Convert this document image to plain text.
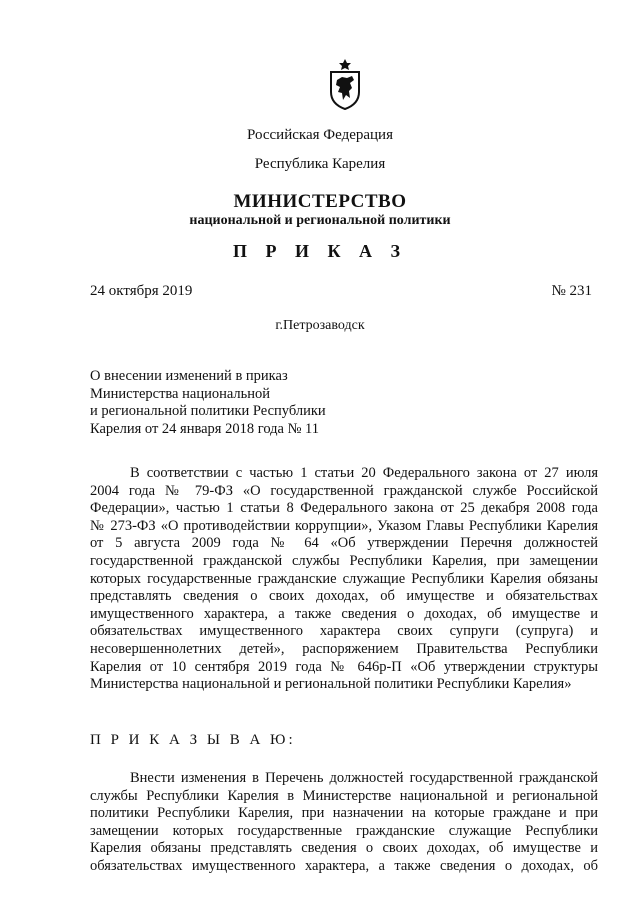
Российская Федерация
Республика Карелия
МИНИСТЕРСТВО
национальной и региональной политики
П Р И К А З
24 октября 2019	№ 231
г.Петрозаводск
О внесении изменений в приказ
Министерства национальной
и региональной политики Республики
Карелия от 24 января 2018 года № 11
В соответствии с частью 1 статьи 20 Федерального закона от 27 июля
2004 года № 79-ФЗ «О государственной гражданской службе Российской
Федерации», частью 1 статьи 8 Федерального закона от 25 декабря 2008 года
№ 273-ФЗ «О противодействии коррупции», Указом Главы Республики Карелия
от 5 августа 2009 года № 64 «Об утверждении Перечня должностей
государственной гражданской службы Республики Карелия, при замещении
которых государственные гражданские служащие Республики Карелия обязаны
представлять сведения о своих доходах, об имуществе и обязательствах
имущественного характера, а также сведения о доходах, об имуществе и
обязательствах имущественного характера своих супруги (супруга) и
несовершеннолетних детей», распоряжением Правительства Республики
Карелия от 10 сентября 2019 года № 646р-П «Об утверждении структуры
Министерства национальной и региональной политики Республики Карелия»
П Р И К А З Ы В А Ю:
Внести изменения в Перечень должностей государственной гражданской
службы Республики Карелия в Министерстве национальной и региональной
политики Республики Карелия, при назначении на которые граждане и при
замещении которых государственные гражданские служащие Республики
Карелия обязаны представлять сведения о своих доходах, об имуществе и
обязательствах имущественного характера, а также сведения о доходах, об
